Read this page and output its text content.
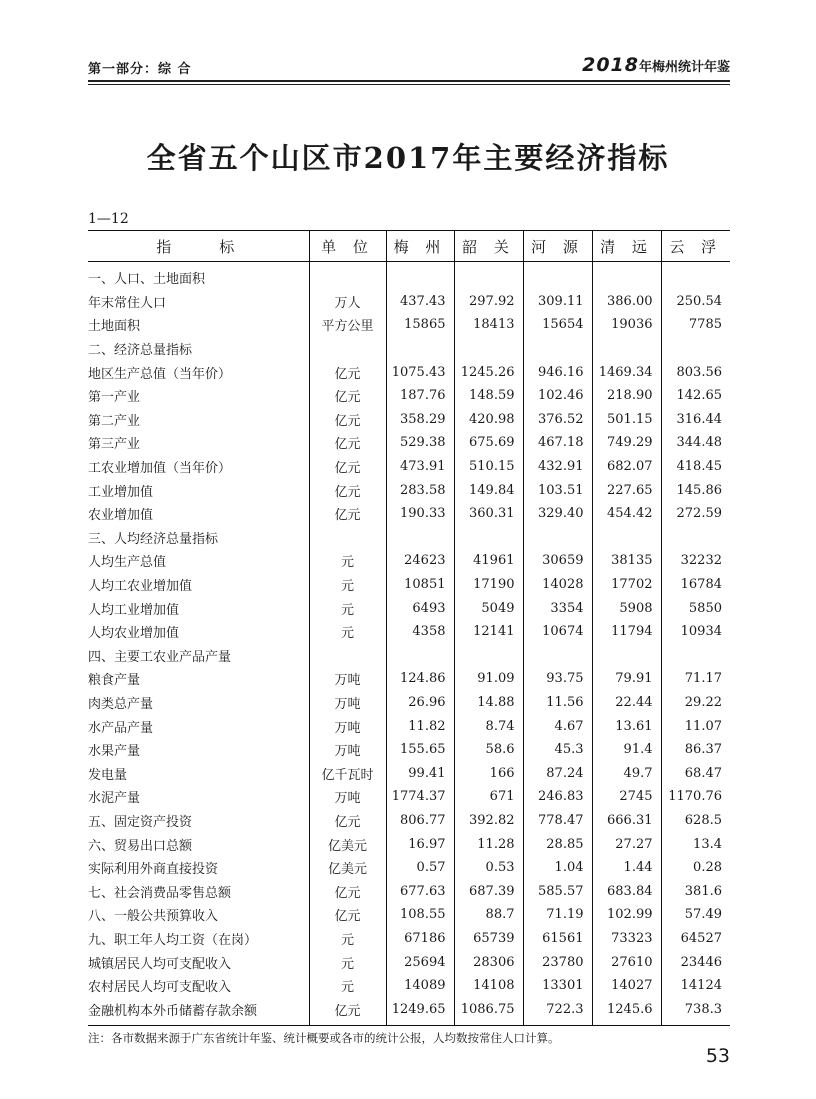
第一部分：综 合	2018年梅州统计年鉴
全省五个山区市2017年主要经济指标
1—12
指　　标	单 位	梅 州	韶 关	河 源	清 远	云 浮
一、人口、土地面积						
年末常住人口	万人	437.43	297.92	309.11	386.00	250.54
土地面积	平方公里	15865	18413	15654	19036	7785
二、经济总量指标						
地区生产总值（当年价）	亿元	1075.43	1245.26	946.16	1469.34	803.56
第一产业	亿元	187.76	148.59	102.46	218.90	142.65
第二产业	亿元	358.29	420.98	376.52	501.15	316.44
第三产业	亿元	529.38	675.69	467.18	749.29	344.48
工农业增加值（当年价）	亿元	473.91	510.15	432.91	682.07	418.45
工业增加值	亿元	283.58	149.84	103.51	227.65	145.86
农业增加值	亿元	190.33	360.31	329.40	454.42	272.59
三、人均经济总量指标						
人均生产总值	元	24623	41961	30659	38135	32232
人均工农业增加值	元	10851	17190	14028	17702	16784
人均工业增加值	元	6493	5049	3354	5908	5850
人均农业增加值	元	4358	12141	10674	11794	10934
四、主要工农业产品产量						
粮食产量	万吨	124.86	91.09	93.75	79.91	71.17
肉类总产量	万吨	26.96	14.88	11.56	22.44	29.22
水产品产量	万吨	11.82	8.74	4.67	13.61	11.07
水果产量	万吨	155.65	58.6	45.3	91.4	86.37
发电量	亿千瓦时	99.41	166	87.24	49.7	68.47
水泥产量	万吨	1774.37	671	246.83	2745	1170.76
五、固定资产投资	亿元	806.77	392.82	778.47	666.31	628.5
六、贸易出口总额	亿美元	16.97	11.28	28.85	27.27	13.4
实际利用外商直接投资	亿美元	0.57	0.53	1.04	1.44	0.28
七、社会消费品零售总额	亿元	677.63	687.39	585.57	683.84	381.6
八、一般公共预算收入	亿元	108.55	88.7	71.19	102.99	57.49
九、职工年人均工资（在岗）	元	67186	65739	61561	73323	64527
城镇居民人均可支配收入	元	25694	28306	23780	27610	23446
农村居民人均可支配收入	元	14089	14108	13301	14027	14124
金融机构本外币储蓄存款余额	亿元	1249.65	1086.75	722.3	1245.6	738.3
注：各市数据来源于广东省统计年鉴、统计概要或各市的统计公报，人均数按常住人口计算。
53
